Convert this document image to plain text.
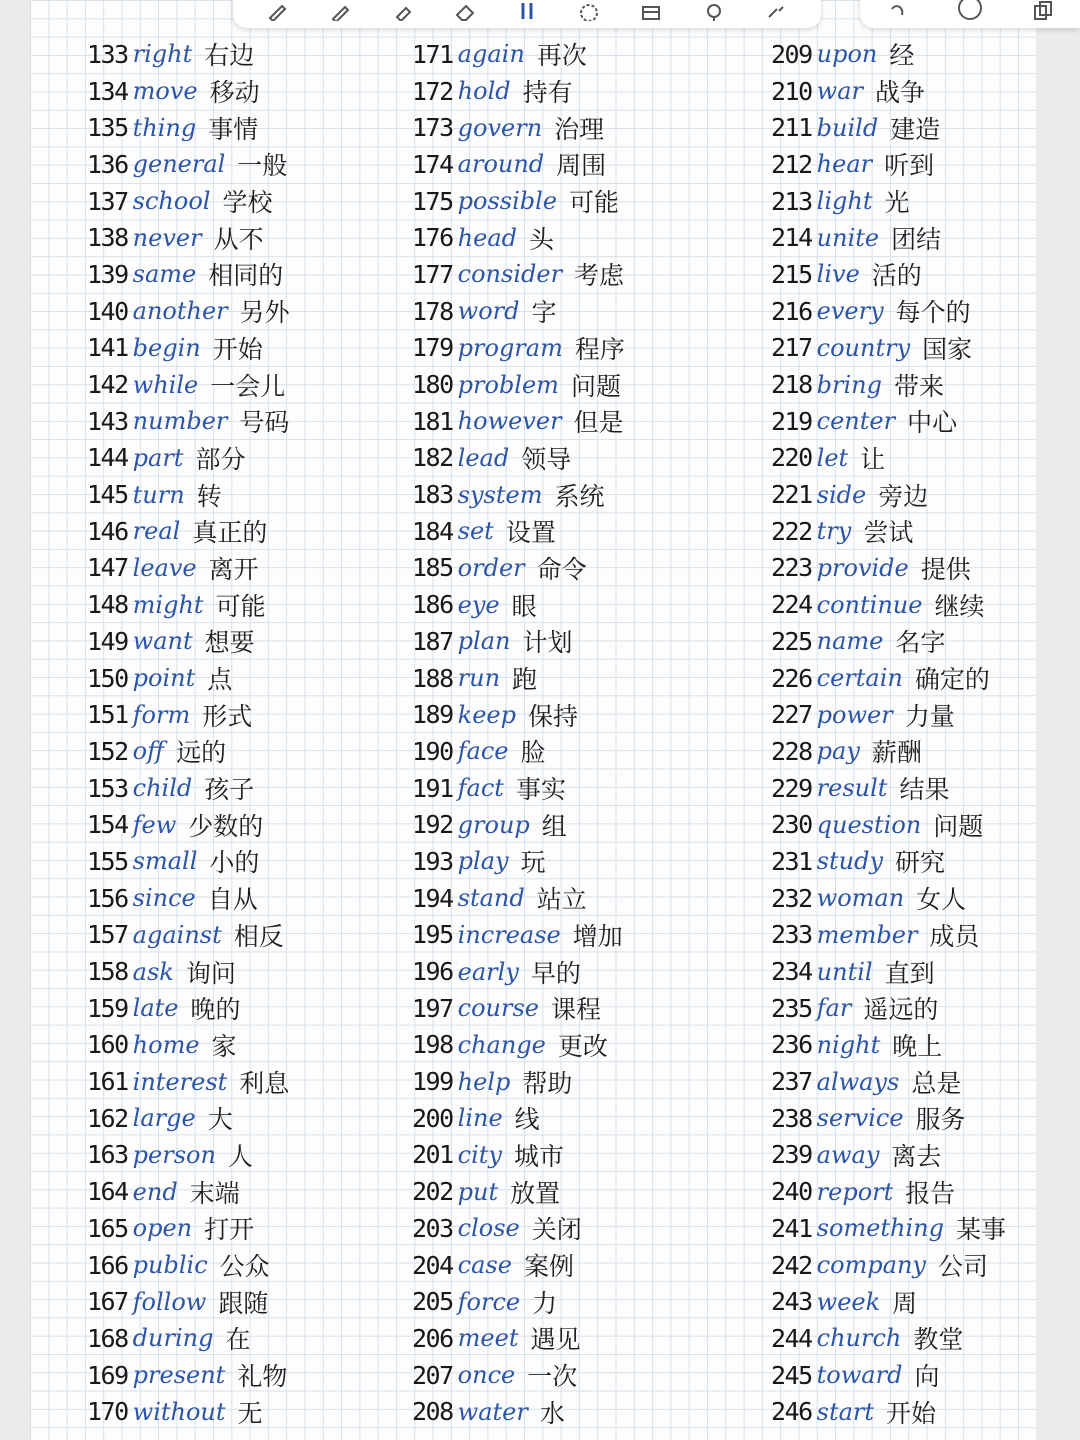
133 right 右边
134 move 移动
135 thing 事情
136 general 一般
137 school 学校
138 never 从不
139 same 相同的
140 another 另外
141 begin 开始
142 while 一会儿
143 number 号码
144 part 部分
145 turn 转
146 real 真正的
147 leave 离开
148 might 可能
149 want 想要
150 point 点
151 form 形式
152 off 远的
153 child 孩子
154 few 少数的
155 small 小的
156 since 自从
157 against 相反
158 ask 询问
159 late 晚的
160 home 家
161 interest 利息
162 large 大
163 person 人
164 end 末端
165 open 打开
166 public 公众
167 follow 跟随
168 during 在
169 present 礼物
170 without 无
171 again 再次
172 hold 持有
173 govern 治理
174 around 周围
175 possible 可能
176 head 头
177 consider 考虑
178 word 字
179 program 程序
180 problem 问题
181 however 但是
182 lead 领导
183 system 系统
184 set 设置
185 order 命令
186 eye 眼
187 plan 计划
188 run 跑
189 keep 保持
190 face 脸
191 fact 事实
192 group 组
193 play 玩
194 stand 站立
195 increase 增加
196 early 早的
197 course 课程
198 change 更改
199 help 帮助
200 line 线
201 city 城市
202 put 放置
203 close 关闭
204 case 案例
205 force 力
206 meet 遇见
207 once 一次
208 water 水
209 upon 经
210 war 战争
211 build 建造
212 hear 听到
213 light 光
214 unite 团结
215 live 活的
216 every 每个的
217 country 国家
218 bring 带来
219 center 中心
220 let 让
221 side 旁边
222 try 尝试
223 provide 提供
224 continue 继续
225 name 名字
226 certain 确定的
227 power 力量
228 pay 薪酬
229 result 结果
230 question 问题
231 study 研究
232 woman 女人
233 member 成员
234 until 直到
235 far 遥远的
236 night 晚上
237 always 总是
238 service 服务
239 away 离去
240 report 报告
241 something 某事
242 company 公司
243 week 周
244 church 教堂
245 toward 向
246 start 开始
